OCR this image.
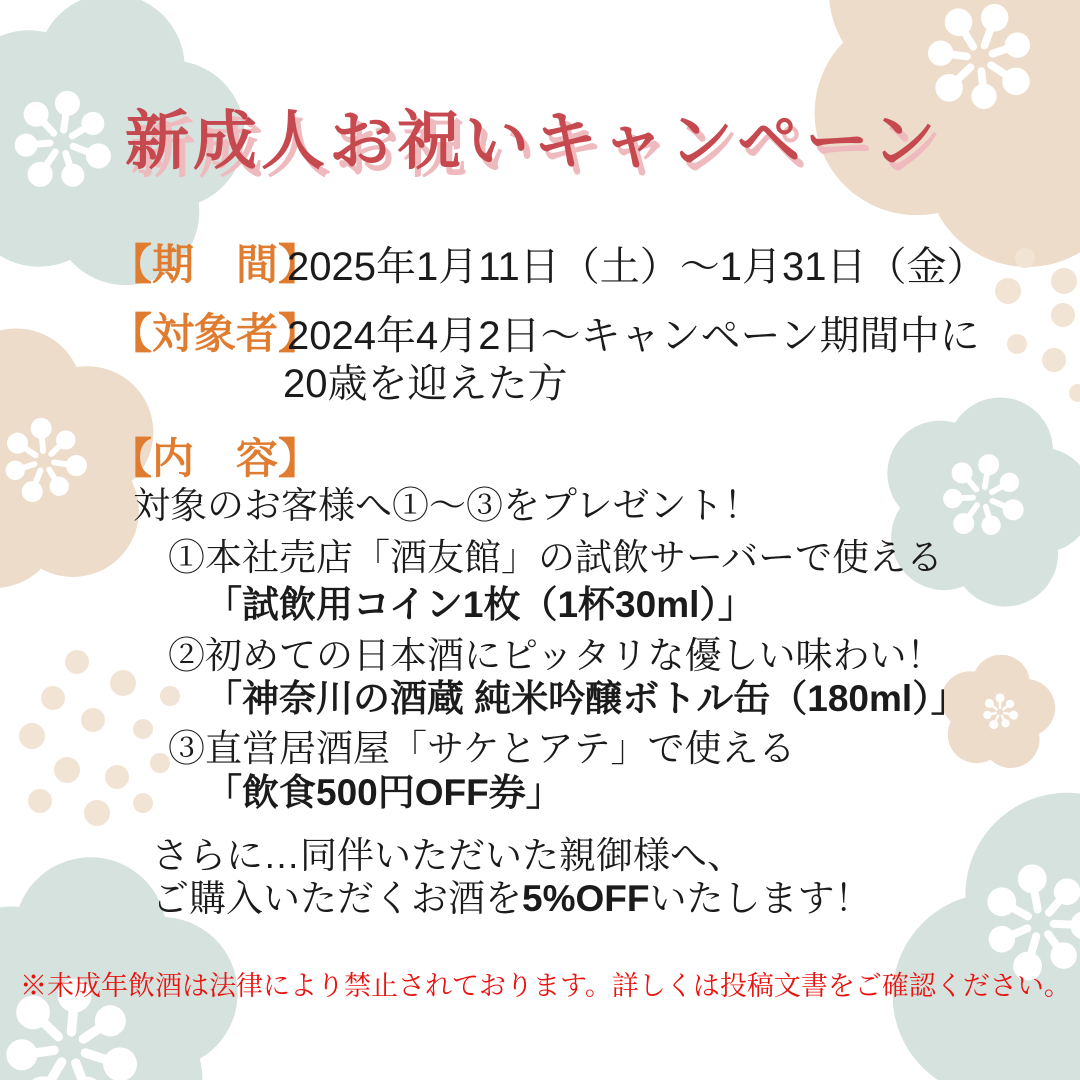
新成人お祝いキャンペーン
【期　間】
2025年1月11日（土）〜1月31日（金）
【対象者】
2024年4月2日〜キャンペーン期間中に
20歳を迎えた方
【内　容】
対象のお客様へ①〜③をプレゼント！
①本社売店「酒友館」の試飲サーバーで使える
「試飲用コイン1枚（1杯30ml）」
②初めての日本酒にピッタリな優しい味わい！
「神奈川の酒蔵 純米吟醸ボトル缶（180ml）」
③直営居酒屋「サケとアテ」で使える
「飲食500円OFF券」
さらに…同伴いただいた親御様へ、
ご購入いただくお酒を5%OFFいたします！
※未成年飲酒は法律により禁止されております。詳しくは投稿文書をご確認ください。
